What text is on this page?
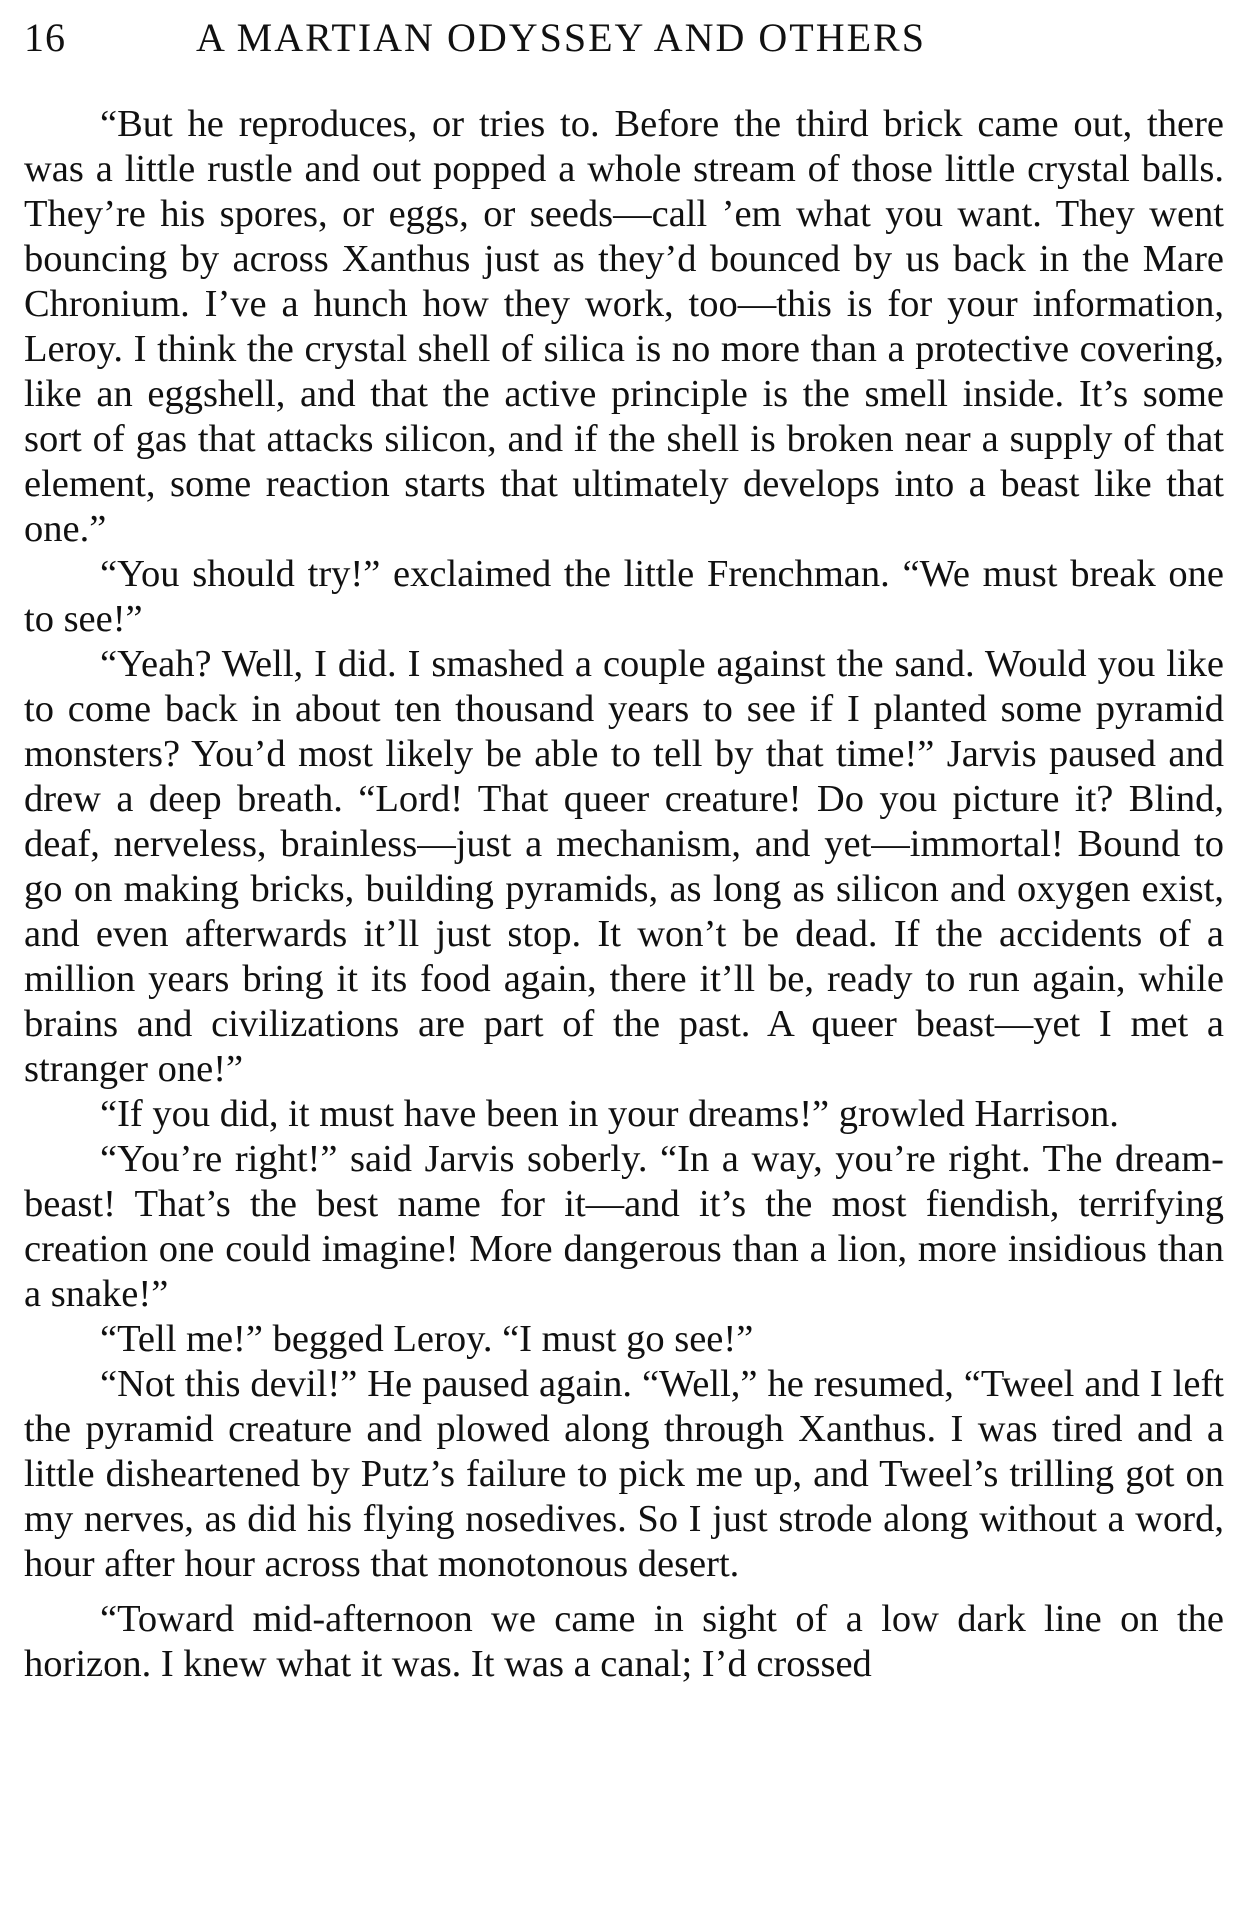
16	A MARTIAN ODYSSEY AND OTHERS

“But he reproduces, or tries to. Before the third brick came out, there was a little rustle and out popped a whole stream of those little crystal balls. They’re his spores, or eggs, or seeds—call ’em what you want. They went bouncing by across Xanthus just as they’d bounced by us back in the Mare Chronium. I’ve a hunch how they work, too—this is for your information, Leroy. I think the crystal shell of silica is no more than a protective covering, like an eggshell, and that the active principle is the smell inside. It’s some sort of gas that attacks silicon, and if the shell is broken near a supply of that element, some reaction starts that ultimately develops into a beast like that one.”

“You should try!” exclaimed the little Frenchman. “We must break one to see!”

“Yeah? Well, I did. I smashed a couple against the sand. Would you like to come back in about ten thousand years to see if I planted some pyramid monsters? You’d most likely be able to tell by that time!” Jarvis paused and drew a deep breath. “Lord! That queer creature! Do you picture it? Blind, deaf, nerveless, brainless—just a mechanism, and yet—immortal! Bound to go on making bricks, building pyramids, as long as silicon and oxygen exist, and even afterwards it’ll just stop. It won’t be dead. If the accidents of a million years bring it its food again, there it’ll be, ready to run again, while brains and civilizations are part of the past. A queer beast—yet I met a stranger one!”

“If you did, it must have been in your dreams!” growled Harrison.

“You’re right!” said Jarvis soberly. “In a way, you’re right. The dream-beast! That’s the best name for it—and it’s the most fiendish, terrifying creation one could imagine! More dangerous than a lion, more insidious than a snake!”

“Tell me!” begged Leroy. “I must go see!”

“Not this devil!” He paused again. “Well,” he resumed, “Tweel and I left the pyramid creature and plowed along through Xanthus. I was tired and a little disheartened by Putz’s failure to pick me up, and Tweel’s trilling got on my nerves, as did his flying nosedives. So I just strode along without a word, hour after hour across that monotonous desert.

“Toward mid-afternoon we came in sight of a low dark line on the horizon. I knew what it was. It was a canal; I’d crossed
